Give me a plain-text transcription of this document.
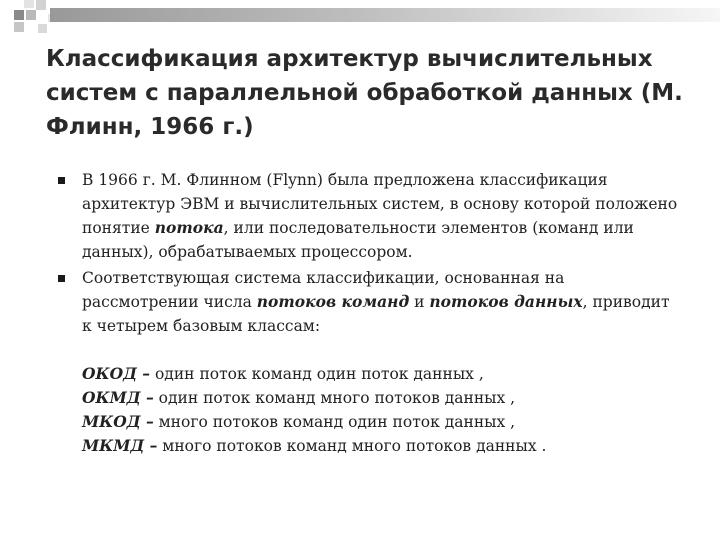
Классификация архитектур вычислительных систем с параллельной обработкой данных (М. Флинн, 1966 г.)
В 1966 г. М. Флинном (Flynn) была предложена классификация архитектур ЭВМ и вычислительных систем, в основу которой положено понятие потока, или последовательности элементов (команд или данных), обрабатываемых процессором.
Соответствующая система классификации, основанная на рассмотрении числа потоков команд и потоков данных, приводит к четырем базовым классам:
ОКОД – один поток команд один поток данных ,
ОКМД – один поток команд много потоков данных ,
МКОД – много потоков команд один поток данных ,
МКМД – много потоков команд много потоков данных .
